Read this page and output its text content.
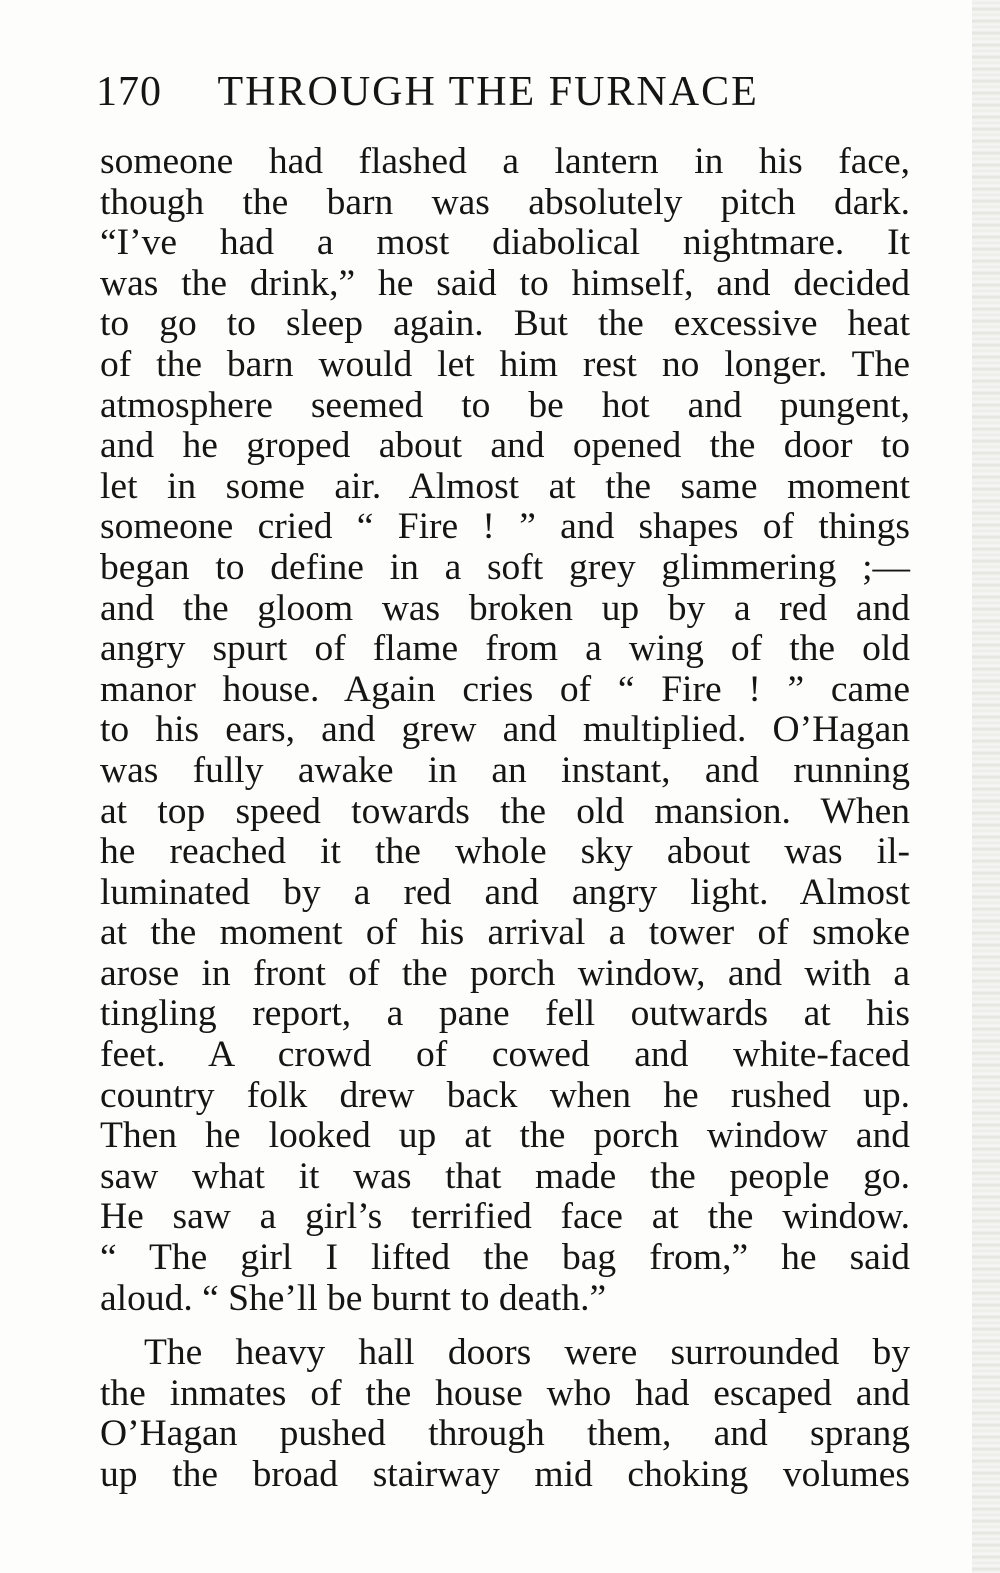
170 THROUGH THE FURNACE
someone had flashed a lantern in his face,
though the barn was absolutely pitch dark.
“I’ve had a most diabolical nightmare. It
was the drink,” he said to himself, and decided
to go to sleep again. But the excessive heat
of the barn would let him rest no longer. The
atmosphere seemed to be hot and pungent,
and he groped about and opened the door to
let in some air. Almost at the same moment
someone cried “ Fire ! ” and shapes of things
began to define in a soft grey glimmering ;—
and the gloom was broken up by a red and
angry spurt of flame from a wing of the old
manor house. Again cries of “ Fire ! ” came
to his ears, and grew and multiplied. O’Hagan
was fully awake in an instant, and running
at top speed towards the old mansion. When
he reached it the whole sky about was il-
luminated by a red and angry light. Almost
at the moment of his arrival a tower of smoke
arose in front of the porch window, and with a
tingling report, a pane fell outwards at his
feet. A crowd of cowed and white-faced
country folk drew back when he rushed up.
Then he looked up at the porch window and
saw what it was that made the people go.
He saw a girl’s terrified face at the window.
“ The girl I lifted the bag from,” he said
aloud. “ She’ll be burnt to death.”
The heavy hall doors were surrounded by
the inmates of the house who had escaped and
O’Hagan pushed through them, and sprang
up the broad stairway mid choking volumes
